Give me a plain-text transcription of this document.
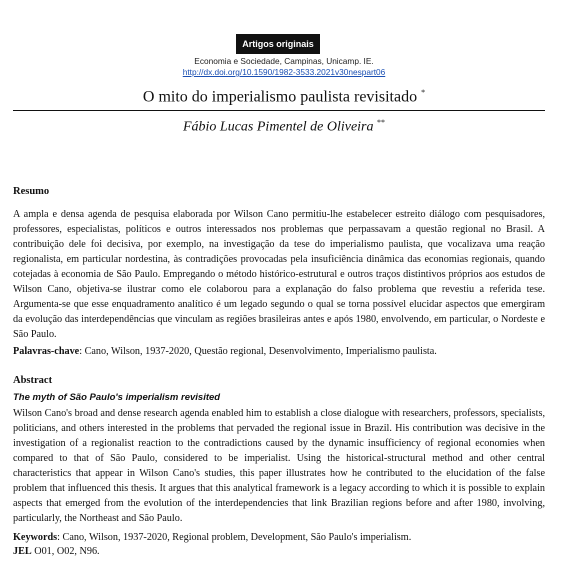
Artigos originais
Economia e Sociedade, Campinas, Unicamp. IE.
http://dx.doi.org/10.1590/1982-3533.2021v30nespart06
O mito do imperialismo paulista revisitado *
Fábio Lucas Pimentel de Oliveira **
Resumo

A ampla e densa agenda de pesquisa elaborada por Wilson Cano permitiu-lhe estabelecer estreito diálogo com pesquisadores, professores, especialistas, políticos e outros interessados nos problemas que perpassavam a questão regional no Brasil. A contribuição dele foi decisiva, por exemplo, na investigação da tese do imperialismo paulista, que vocalizava uma reação regionalista, em particular nordestina, às contradições provocadas pela insuficiência dinâmica das economias regionais, quando cotejadas à economia de São Paulo. Empregando o método histórico-estrutural e outros traços distintivos próprios aos estudos de Wilson Cano, objetiva-se ilustrar como ele colaborou para a explanação do falso problema que revestiu a referida tese. Argumenta-se que esse enquadramento analítico é um legado segundo o qual se torna possível elucidar aspectos que emergiram da evolução das interdependências que vinculam as regiões brasileiras antes e após 1980, envolvendo, em particular, o Nordeste e São Paulo.

Palavras-chave: Cano, Wilson, 1937-2020, Questão regional, Desenvolvimento, Imperialismo paulista.
Abstract
The myth of São Paulo's imperialism revisited

Wilson Cano's broad and dense research agenda enabled him to establish a close dialogue with researchers, professors, specialists, politicians, and others interested in the problems that pervaded the regional issue in Brazil. His contribution was decisive in the investigation of a regionalist reaction to the contradictions caused by the dynamic insufficiency of regional economies when compared to that of São Paulo, considered to be imperialist. Using the historical-structural method and other central characteristics that appear in Wilson Cano's studies, this paper illustrates how he contributed to the elucidation of the false problem that influenced this thesis. It argues that this analytical framework is a legacy according to which it is possible to explain aspects that emerged from the evolution of the interdependencies that link Brazilian regions before and after 1980, involving, particularly, the Northeast and São Paulo.

Keywords: Cano, Wilson, 1937-2020, Regional problem, Development, São Paulo's imperialism.
JEL O01, O02, N96.
